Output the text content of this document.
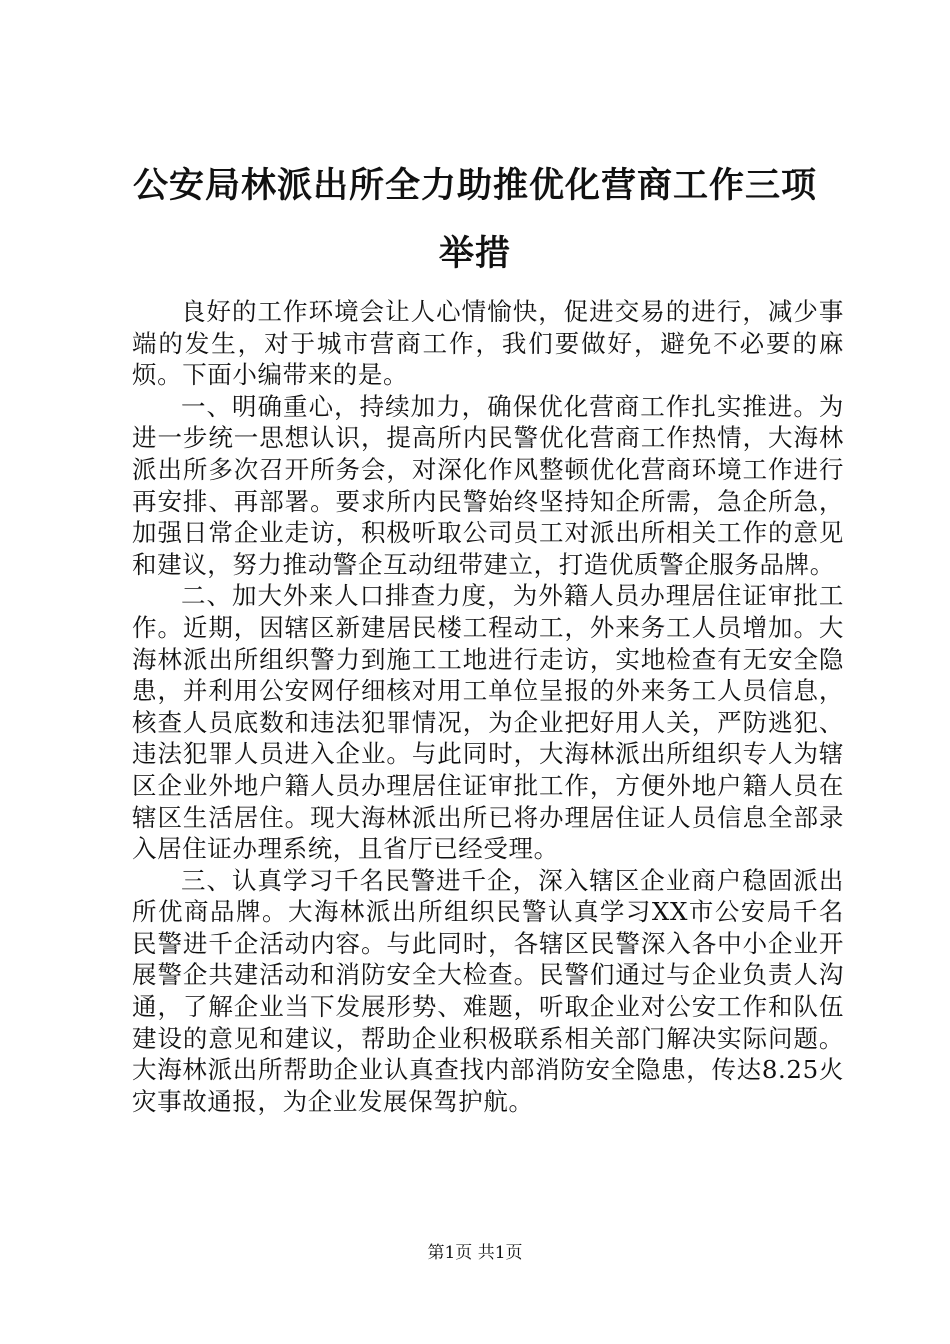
公安局林派出所全力助推优化营商工作三项举措

良好的工作环境会让人心情愉快，促进交易的进行，减少事端的发生，对于城市营商工作，我们要做好，避免不必要的麻烦。下面小编带来的是。

一、明确重心，持续加力，确保优化营商工作扎实推进。为进一步统一思想认识，提高所内民警优化营商工作热情，大海林派出所多次召开所务会，对深化作风整顿优化营商环境工作进行再安排、再部署。要求所内民警始终坚持知企所需，急企所急，加强日常企业走访，积极听取公司员工对派出所相关工作的意见和建议，努力推动警企互动纽带建立，打造优质警企服务品牌。

二、加大外来人口排查力度，为外籍人员办理居住证审批工作。近期，因辖区新建居民楼工程动工，外来务工人员增加。大海林派出所组织警力到施工工地进行走访，实地检查有无安全隐患，并利用公安网仔细核对用工单位呈报的外来务工人员信息，核查人员底数和违法犯罪情况，为企业把好用人关，严防逃犯、违法犯罪人员进入企业。与此同时，大海林派出所组织专人为辖区企业外地户籍人员办理居住证审批工作，方便外地户籍人员在辖区生活居住。现大海林派出所已将办理居住证人员信息全部录入居住证办理系统，且省厅已经受理。

三、认真学习千名民警进千企，深入辖区企业商户稳固派出所优商品牌。大海林派出所组织民警认真学习XX市公安局千名民警进千企活动内容。与此同时，各辖区民警深入各中小企业开展警企共建活动和消防安全大检查。民警们通过与企业负责人沟通，了解企业当下发展形势、难题，听取企业对公安工作和队伍建设的意见和建议，帮助企业积极联系相关部门解决实际问题。大海林派出所帮助企业认真查找内部消防安全隐患，传达8.25火灾事故通报，为企业发展保驾护航。

第1页 共1页
